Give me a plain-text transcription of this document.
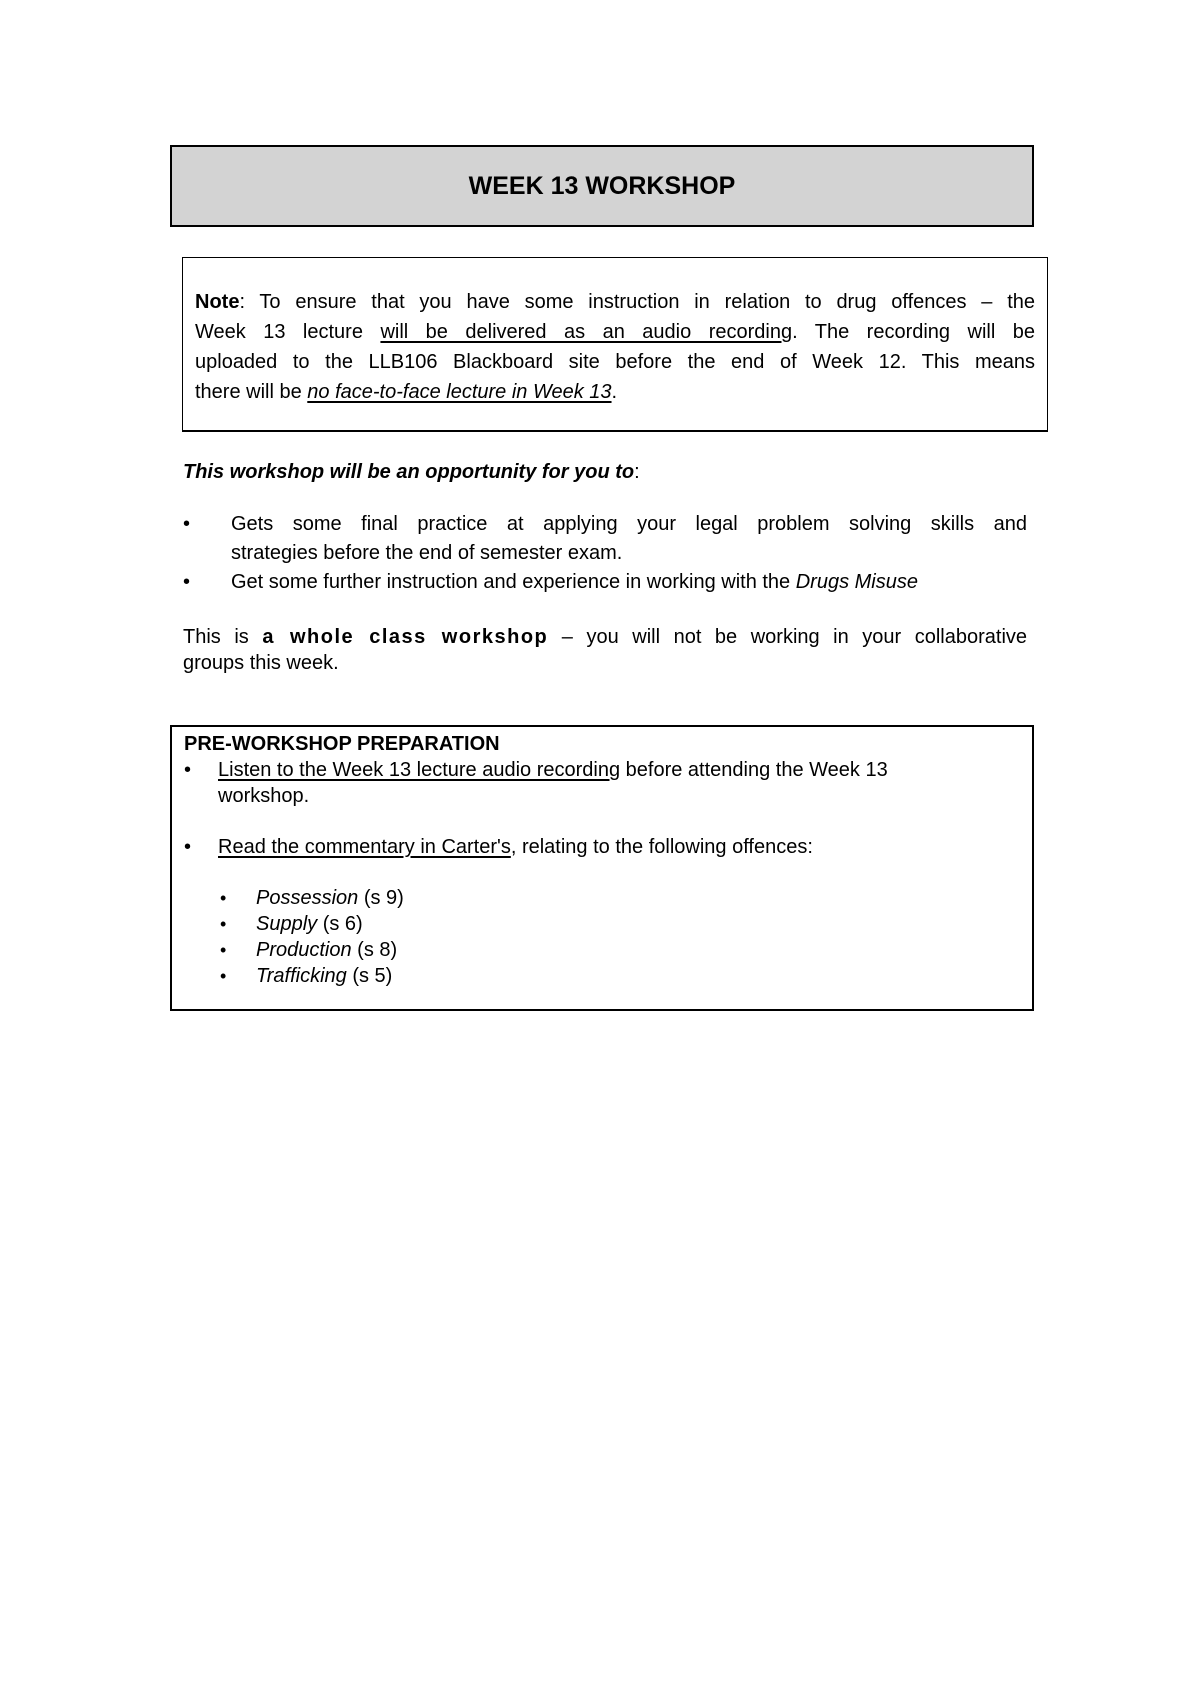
WEEK 13 WORKSHOP
Note: To ensure that you have some instruction in relation to drug offences – the
Week 13 lecture will be delivered as an audio recording. The recording will be
uploaded to the LLB106 Blackboard site before the end of Week 12. This means
there will be no face-to-face lecture in Week 13.
This workshop will be an opportunity for you to:
• Gets some final practice at applying your legal problem solving skills and
strategies before the end of semester exam.
• Get some further instruction and experience in working with the Drugs Misuse
This is a whole class workshop – you will not be working in your collaborative
groups this week.
PRE-WORKSHOP PREPARATION
• Listen to the Week 13 lecture audio recording before attending the Week 13
workshop.
• Read the commentary in Carter's, relating to the following offences:
• Possession (s 9)
• Supply (s 6)
• Production (s 8)
• Trafficking (s 5)
